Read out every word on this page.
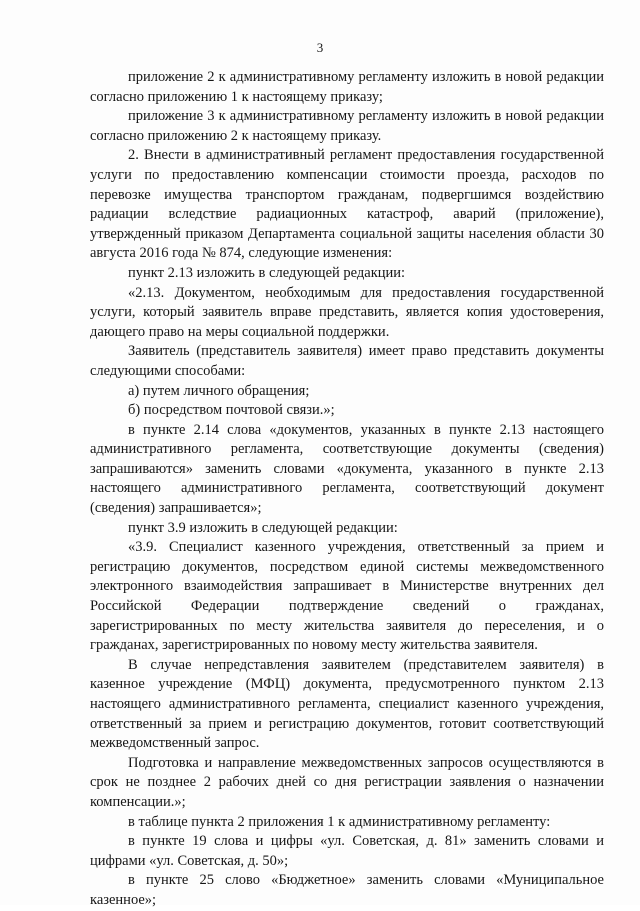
3

приложение 2 к административному регламенту изложить в новой редакции согласно приложению 1 к настоящему приказу;

приложение 3 к административному регламенту изложить в новой редакции согласно приложению 2 к настоящему приказу.

2. Внести в административный регламент предоставления государственной услуги по предоставлению компенсации стоимости проезда, расходов по перевозке имущества транспортом гражданам, подвергшимся воздействию радиации вследствие радиационных катастроф, аварий (приложение), утвержденный приказом Департамента социальной защиты населения области 30 августа 2016 года № 874, следующие изменения:

пункт 2.13 изложить в следующей редакции:

«2.13. Документом, необходимым для предоставления государственной услуги, который заявитель вправе представить, является копия удостоверения, дающего право на меры социальной поддержки.

Заявитель (представитель заявителя) имеет право представить документы следующими способами:

а) путем личного обращения;

б) посредством почтовой связи.»;

в пункте 2.14 слова «документов, указанных в пункте 2.13 настоящего административного регламента, соответствующие документы (сведения) запрашиваются» заменить словами «документа, указанного в пункте 2.13 настоящего административного регламента, соответствующий документ (сведения) запрашивается»;

пункт 3.9 изложить в следующей редакции:

«3.9. Специалист казенного учреждения, ответственный за прием и регистрацию документов, посредством единой системы межведомственного электронного взаимодействия запрашивает в Министерстве внутренних дел Российской Федерации подтверждение сведений о гражданах, зарегистрированных по месту жительства заявителя до переселения, и о гражданах, зарегистрированных по новому месту жительства заявителя.

В случае непредставления заявителем (представителем заявителя) в казенное учреждение (МФЦ) документа, предусмотренного пунктом 2.13 настоящего административного регламента, специалист казенного учреждения, ответственный за прием и регистрацию документов, готовит соответствующий межведомственный запрос.

Подготовка и направление межведомственных запросов осуществляются в срок не позднее 2 рабочих дней со дня регистрации заявления о назначении компенсации.»;

в таблице пункта 2 приложения 1 к административному регламенту:

в пункте 19 слова и цифры «ул. Советская, д. 81» заменить словами и цифрами «ул. Советская, д. 50»;

в пункте 25 слово «Бюджетное» заменить словами «Муниципальное казенное»;
